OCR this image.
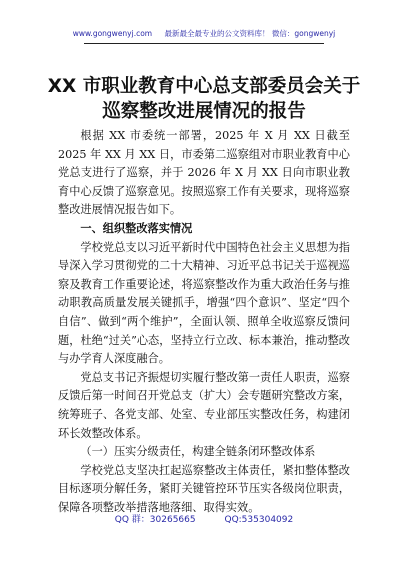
www.gongwenyj.com 最新最全最专业的公文资料库！ 微信：gongwenyj
XX 市职业教育中心总支部委员会关于巡察整改进展情况的报告

根据 XX 市委统一部署，2025 年 X 月 XX 日截至 2025 年 XX 月 XX 日，市委第二巡察组对市职业教育中心党总支进行了巡察，并于 2026 年 X 月 XX 日向市职业教育中心反馈了巡察意见。按照巡察工作有关要求，现将巡察整改进展情况报告如下。

一、组织整改落实情况

学校党总支以习近平新时代中国特色社会主义思想为指导深入学习贯彻党的二十大精神、习近平总书记关于巡视巡察及教育工作重要论述，将巡察整改作为重大政治任务与推动职教高质量发展关键抓手，增强“四个意识”、坚定“四个自信”、做到“两个维护”，全面认领、照单全收巡察反馈问题，杜绝“过关”心态，坚持立行立改、标本兼治，推动整改与办学育人深度融合。

党总支书记齐振煜切实履行整改第一责任人职责，巡察反馈后第一时间召开党总支（扩大）会专题研究整改方案，统筹班子、各党支部、处室、专业部压实整改任务，构建闭环长效整改体系。

（一）压实分级责任，构建全链条闭环整改体系

学校党总支坚决扛起巡察整改主体责任，紧扣整体整改目标逐项分解任务，紧盯关键管控环节压实各级岗位职责，保障各项整改举措落地落细、取得实效。

QQ 群：30265665	QQ:535304092
